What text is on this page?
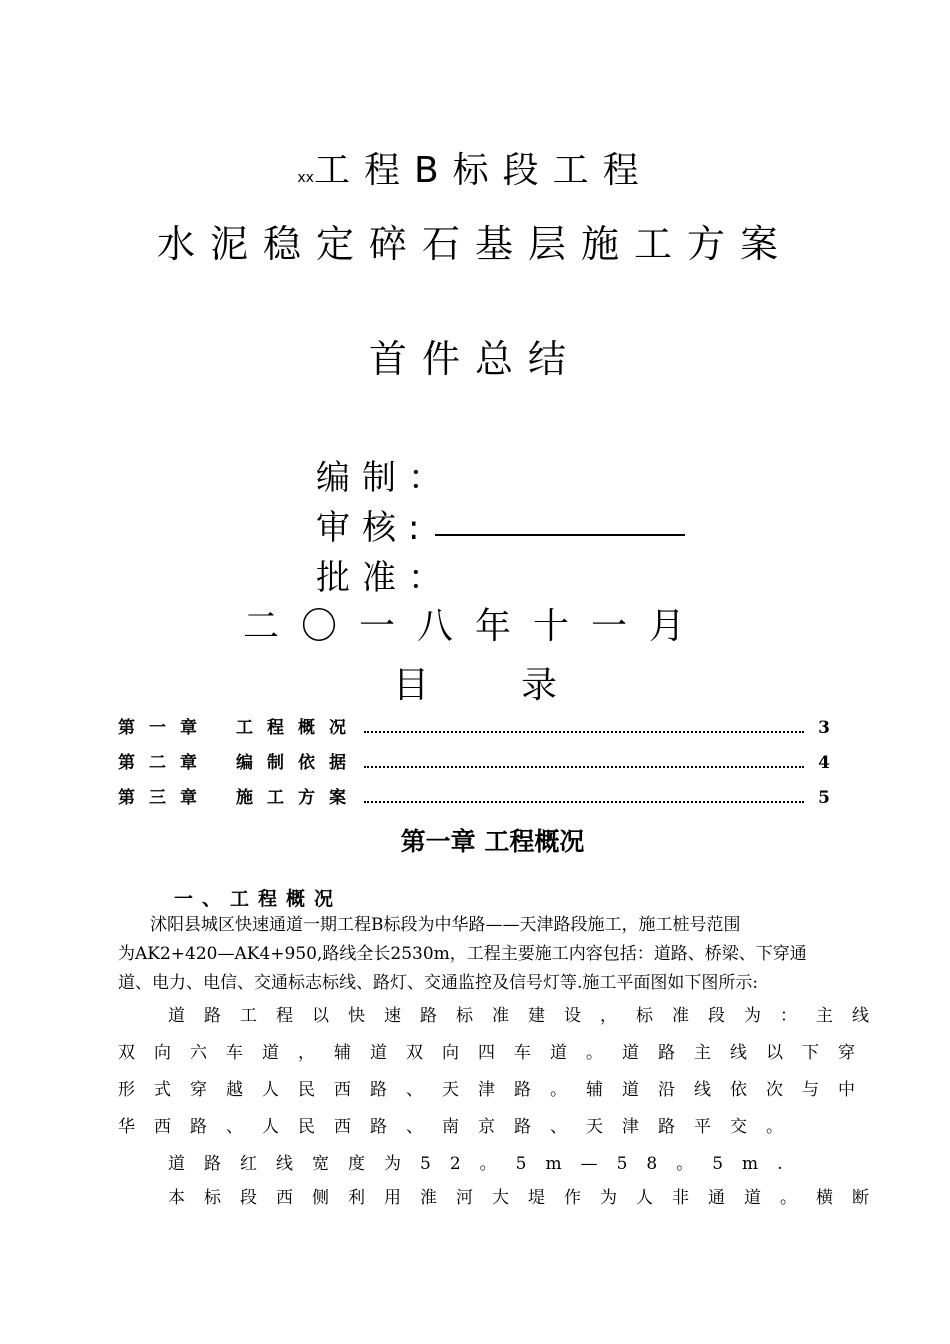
xx工程B标段工程
水泥稳定碎石基层施工方案
首件总结
编制：
审核:
批准：
二〇一八年十一月
目	录
第一章	工程概况	3
第二章	编制依据	4
第三章	施工方案	5
第一章 工程概况
一、工程概况
沭阳县城区快速通道一期工程B标段为中华路——天津路段施工，施工桩号范围
为AK2+420—AK4+950,路线全长2530m，工程主要施工内容包括：道路、桥梁、下穿通
道、电力、电信、交通标志标线、路灯、交通监控及信号灯等.施工平面图如下图所示:
道路工程以快速路标准建设，标准段为：主线
双向六车道，辅道双向四车道。道路主线以下穿
形式穿越人民西路、天津路。辅道沿线依次与中
华西路、人民西路、南京路、天津路平交。
道路红线宽度为52。5m—58。5m.
本标段西侧利用淮河大堤作为人非通道。横断
